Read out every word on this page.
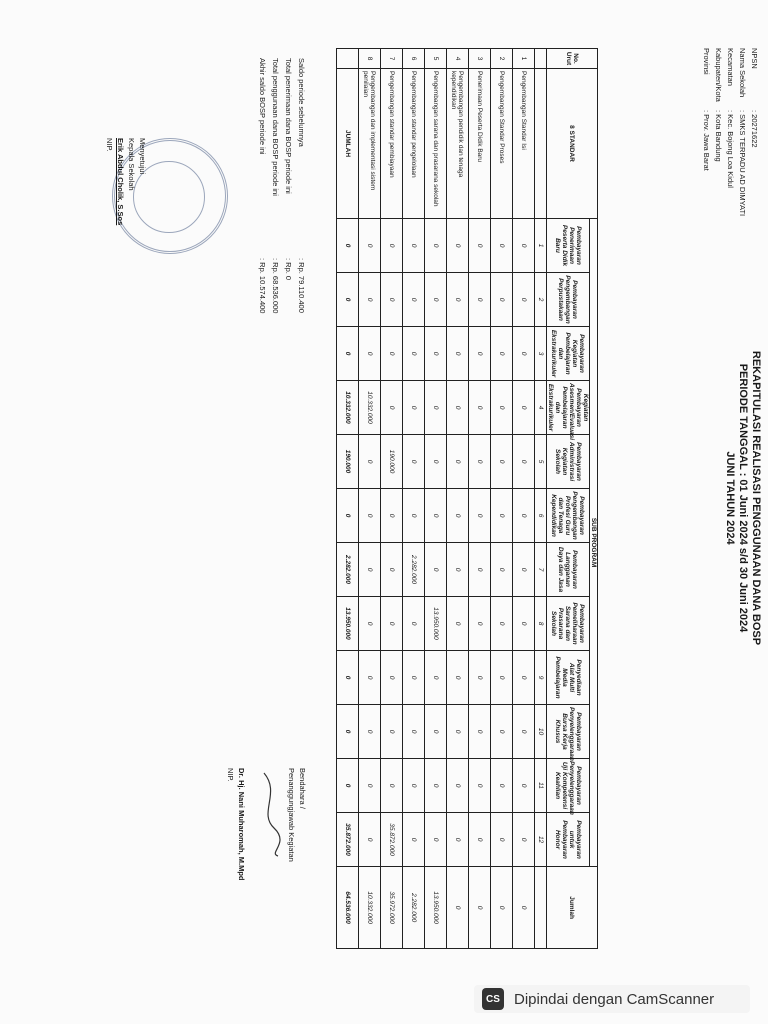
REKAPITULASI REALISASI PENGGUNAAN DANA BOSP
PERIODE TANGGAL : 01 Juni 2024 s/d 30 Juni 2024
JUNI TAHUN 2024
NPSN: 20271622
Nama Sekolah: SMKS TERPADU AD DIMYATI
Kecamatan: Kec. Bojong Loa Kidul
Kabupaten/Kota: Kota Bandung
Provinsi: Prov. Jawa Barat
No. Urut	8 STANDAR	SUB PROGRAM												Jumlah
		Pembayaran Penerimaan Peserta Didik Baru	Pembayaran Pengembangan Perpustakaan	Pembayaran Kegiatan Pembelajaran dan Ekstrakurikuler	Kegiatan Pembayaran Asesmen/Evaluasi Pembelajaran dan Ekstrakurikuler	Pembayaran Administrasi Kegiatan Sekolah	Pembayaran Pengembangan Profesi Guru dan Tenaga Kependidikan	Pembayaran Langganan Daya dan Jasa	Pembayaran Pemeliharaan Sarana dan Prasarana Sekolah	Penyediaan Alat Multi Media Pembelajaran	Pembayaran Penyelenggaraan Bursa Kerja Khusus	Pembayaran Penyelenggaraan Uji Kompetensi Keahlian	Pembayaran untuk Pembayaran Honor	
		1	2	3	4	5	6	7	8	9	10	11	12	
1	Pengembangan Standar Isi	0	0	0	0	0	0	0	0	0	0	0	0	0
2	Pengembangan Standar Proses	0	0	0	0	0	0	0	0	0	0	0	0	0
3	Penerimaan Peserta Didik Baru	0	0	0	0	0	0	0	0	0	0	0	0	0
4	Pengembangan pendidik dan tenaga kependidikan	0	0	0	0	0	0	0	0	0	0	0	0	0
5	Pengembangan sarana dan prasarana sekolah	0	0	0	0	0	0	0	13.950.000	0	0	0	0	13.950.000
6	Pengembangan standar pengelolaan	0	0	0	0	0	0	2.282.000	0	0	0	0	0	2.282.000
7	Pengembangan standar pembiayaan	0	0	0	0	190.000	0	0	0	0	0	0	35.872.000	35.972.000
8	Pengembangan dan implementasi sistem penilaian	0	0	0	10.332.000	0	0	0	0	0	0	0	0	10.332.000
	JUMLAH	0	0	0	10.332.000	190.000	0	2.282.000	13.950.000	0	0	0	35.872.000	64.536.000
Saldo periode sebelumnya: Rp. 79.110.400
Total penerimaan dana BOSP periode ini: Rp. 0
Total penggunaan dana BOSP periode ini: Rp. 68.536.000
Akhir saldo BOSP periode ini: Rp. 10.574.400
Bendahara /
Penanggungjawab Kegiatan
Dr. Hj. Nani Muharomah, M.Mpd
NIP.
Menyetujui
Kepala Sekolah
Erik Abdul Cholik, S.Sos
NIP.
CS Dipindai dengan CamScanner
